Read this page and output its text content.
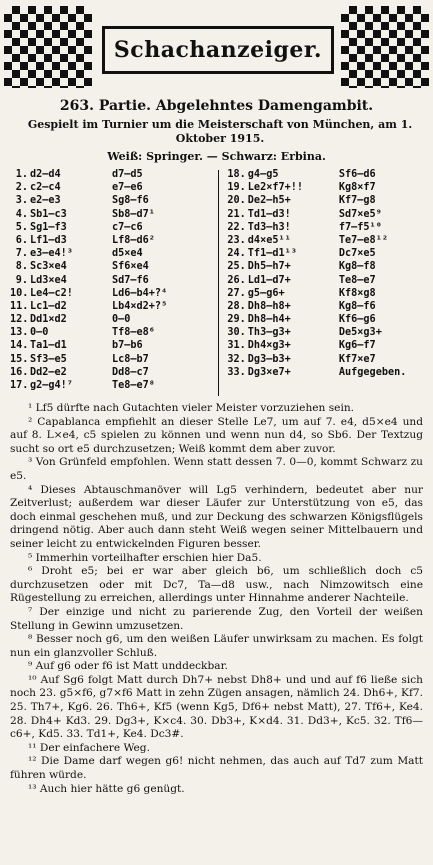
Schachanzeiger.
263. Partie. Abgelehntes Damengambit.
Gespielt im Turnier um die Meisterschaft von München, am 1. Oktober 1915.
Weiß: Springer. — Schwarz: Erbina.
1. d2—d4	d7—d5
2. c2—c4	e7—e6
3. e2—e3	Sg8—f6
4. Sb1—c3	Sb8—d7¹
5. Sg1—f3	c7—c6
6. Lf1—d3	Lf8—d6²
7. e3—e4!³	d5×e4
8. Sc3×e4	Sf6×e4
9. Ld3×e4	Sd7—f6
10. Le4—c2!	Ld6—b4+?⁴
11. Lc1—d2	Lb4×d2+?⁵
12. Dd1×d2	0—0
13. 0—0	Tf8—e8⁶
14. Ta1—d1	b7—b6
15. Sf3—e5	Lc8—b7
16. Dd2—e2	Dd8—c7
17. g2—g4!⁷	Te8—e7⁸
18. g4—g5	Sf6—d6
19. Le2×f7+!!	Kg8×f7
20. De2—h5+	Kf7—g8
21. Td1—d3!	Sd7×e5⁹
22. Td3—h3!	f7—f5¹⁰
23. d4×e5¹¹	Te7—e8¹²
24. Tf1—d1¹³	Dc7×e5
25. Dh5—h7+	Kg8—f8
26. Ld1—d7+	Te8—e7
27. g5—g6+	Kf8×g8
28. Dh8—h8+	Kg8—f6
29. Dh8—h4+	Kf6—g6
30. Th3—g3+	De5×g3+
31. Dh4×g3+	Kg6—f7
32. Dg3—b3+	Kf7×e7
33. Dg3×e7+	Aufgegeben.

¹ Lf5 dürfte nach Gutachten vieler Meister vorzuziehen sein.

² Capablanca empfiehlt an dieser Stelle Le7, um auf 7. e4, d5×e4 und auf 8. L×e4, c5 spielen zu können und wenn nun d4, so Sb6. Der Textzug sucht so ort e5 durchzusetzen; Weiß kommt dem aber zuvor.

³ Von Grünfeld empfohlen. Wenn statt dessen 7. 0—0, kommt Schwarz zu e5.

⁴ Dieses Abtauschmanöver will Lg5 verhindern, bedeutet aber nur Zeitverlust; außerdem war dieser Läufer zur Unterstützung von e5, das doch einmal geschehen muß, und zur Deckung des schwarzen Königsflügels dringend nötig. Aber auch dann steht Weiß wegen seiner Mittelbauern und seiner leicht zu entwickelnden Figuren besser.

⁵ Immerhin vorteilhafter erschien hier Da5.

⁶ Droht e5; bei er war aber gleich b6, um schließlich doch c5 durchzusetzen oder mit Dc7, Ta—d8 usw., nach Nimzowitsch eine Rügestellung zu erreichen, allerdings unter Hinnahme anderer Nachteile.

⁷ Der einzige und nicht zu parierende Zug, den Vorteil der weißen Stellung in Gewinn umzusetzen.

⁸ Besser noch g6, um den weißen Läufer unwirksam zu machen. Es folgt nun ein glanzvoller Schluß.

⁹ Auf g6 oder f6 ist Matt unddeckbar.

¹⁰ Auf Sg6 folgt Matt durch Dh7+ nebst Dh8+ und und auf f6 ließe sich noch 23. g5×f6, g7×f6 Matt in zehn Zügen ansagen, nämlich 24. Dh6+, Kf7. 25. Th7+, Kg6. 26. Th6+, Kf5 (wenn Kg5, Df6+ nebst Matt), 27. Tf6+, Ke4. 28. Dh4+ Kd3. 29. Dg3+, K×c4. 30. Db3+, K×d4. 31. Dd3+, Kc5. 32. Tf6—c6+, Kd5. 33. Td1+, Ke4. Dc3#.

¹¹ Der einfachere Weg.

¹² Die Dame darf wegen g6! nicht nehmen, das auch auf Td7 zum Matt führen würde.

¹³ Auch hier hätte g6 genügt.
